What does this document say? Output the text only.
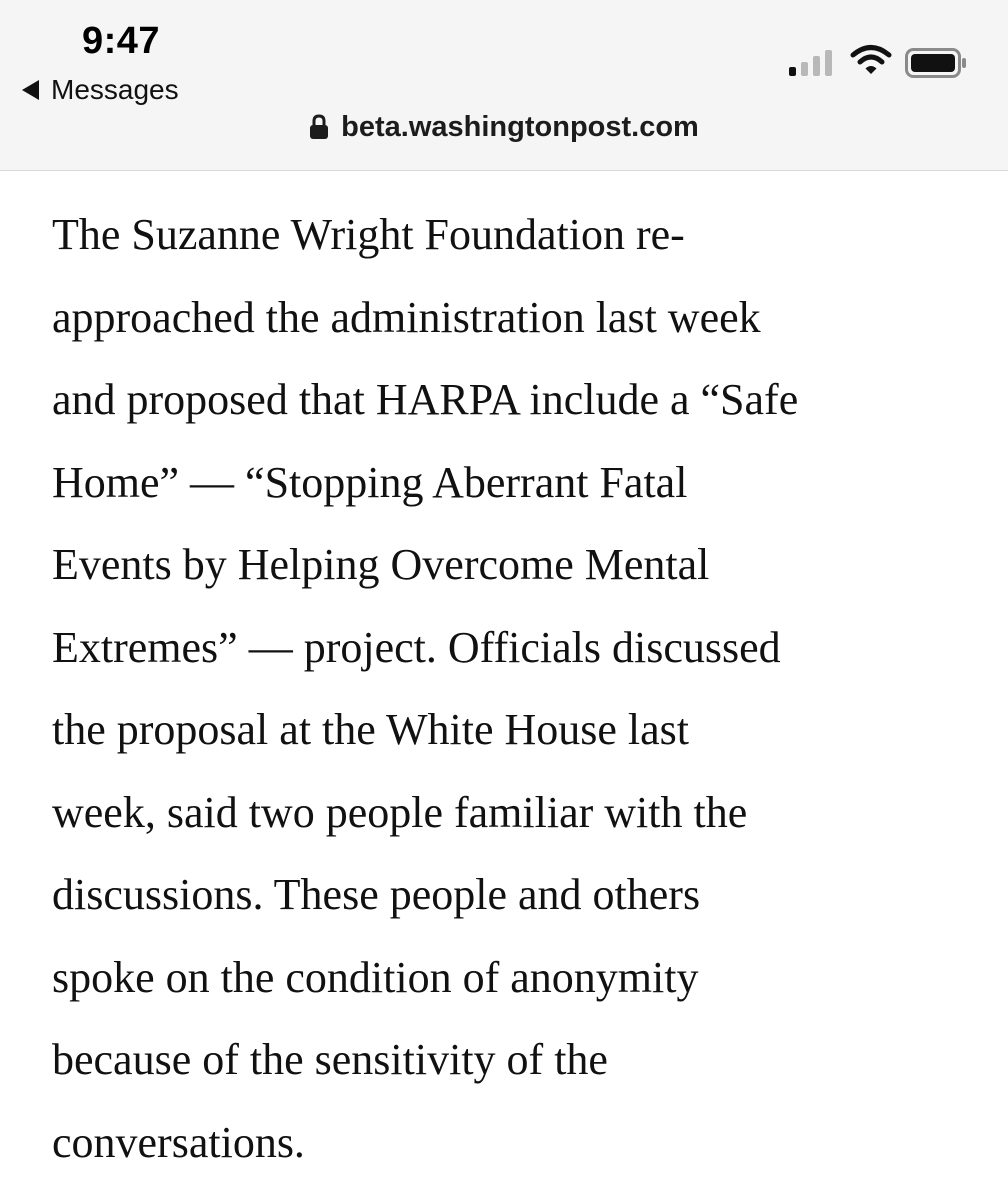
9:47
Messages
beta.washingtonpost.com

The Suzanne Wright Foundation re-
approached the administration last week
and proposed that HARPA include a “Safe
Home” — “Stopping Aberrant Fatal
Events by Helping Overcome Mental
Extremes” — project. Officials discussed
the proposal at the White House last
week, said two people familiar with the
discussions. These people and others
spoke on the condition of anonymity
because of the sensitivity of the
conversations.
